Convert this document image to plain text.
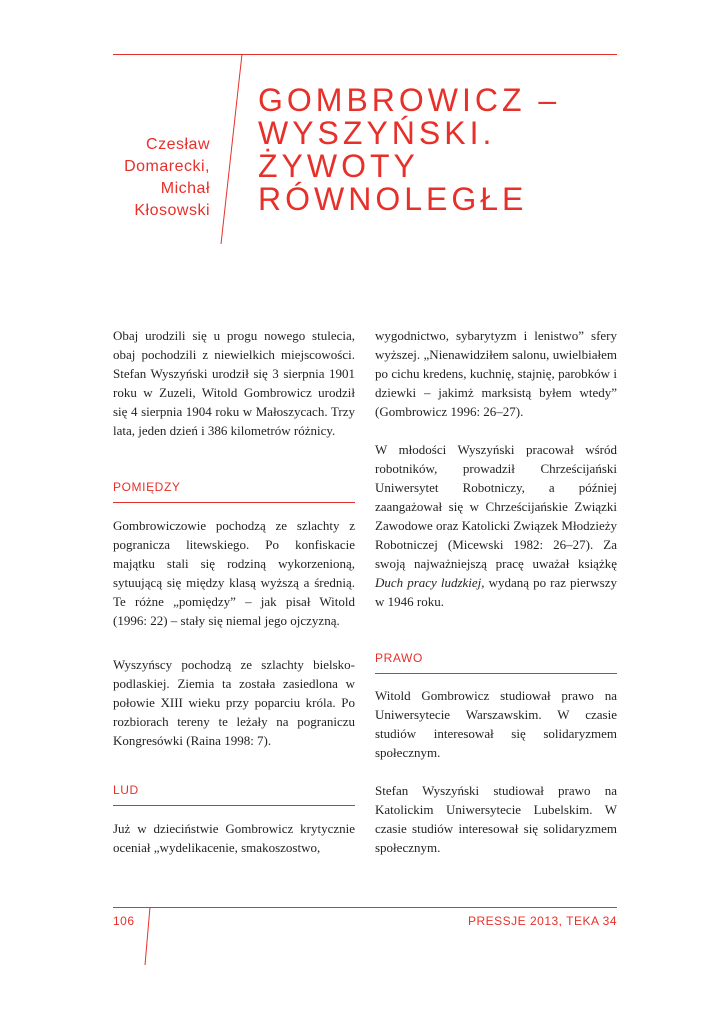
Czesław
Domarecki,
Michał
Kłosowski
GOMBROWICZ –
WYSZYŃSKI.
ŻYWOTY
RÓWNOLEGŁE

Obaj urodzili się u progu nowego stulecia, obaj pochodzili z niewielkich miejscowości. Stefan Wyszyński urodził się 3 sierpnia 1901 roku w Zuzeli, Witold Gombrowicz urodził się 4 sierpnia 1904 roku w Małoszycach. Trzy lata, jeden dzień i 386 kilometrów różnicy.

POMIĘDZY

Gombrowiczowie pochodzą ze szlachty z pogranicza litewskiego. Po konfiskacie majątku stali się rodziną wykorzenioną, sytuującą się między klasą wyższą a średnią. Te różne „pomiędzy” – jak pisał Witold (1996: 22) – stały się niemal jego ojczyzną.

Wyszyńscy pochodzą ze szlachty bielsko-podlaskiej. Ziemia ta została zasiedlona w połowie XIII wieku przy poparciu króla. Po rozbiorach tereny te leżały na pograniczu Kongresówki (Raina 1998: 7).

LUD

Już w dzieciństwie Gombrowicz krytycznie oceniał „wydelikacenie, smakoszostwo,

wygodnictwo, sybarytyzm i lenistwo” sfery wyższej. „Nienawidziłem salonu, uwielbiałem po cichu kredens, kuchnię, stajnię, parobków i dziewki – jakimż marksistą byłem wtedy” (Gombrowicz 1996: 26–27).

W młodości Wyszyński pracował wśród robotników, prowadził Chrześcijański Uniwersytet Robotniczy, a później zaangażował się w Chrześcijańskie Związki Zawodowe oraz Katolicki Związek Młodzieży Robotniczej (Micewski 1982: 26–27). Za swoją najważniejszą pracę uważał książkę Duch pracy ludzkiej, wydaną po raz pierwszy w 1946 roku.

PRAWO

Witold Gombrowicz studiował prawo na Uniwersytecie Warszawskim. W czasie studiów interesował się solidaryzmem społecznym.

Stefan Wyszyński studiował prawo na Katolickim Uniwersytecie Lubelskim. W czasie studiów interesował się solidaryzmem społecznym.

106	PRESSJE 2013, TEKA 34
